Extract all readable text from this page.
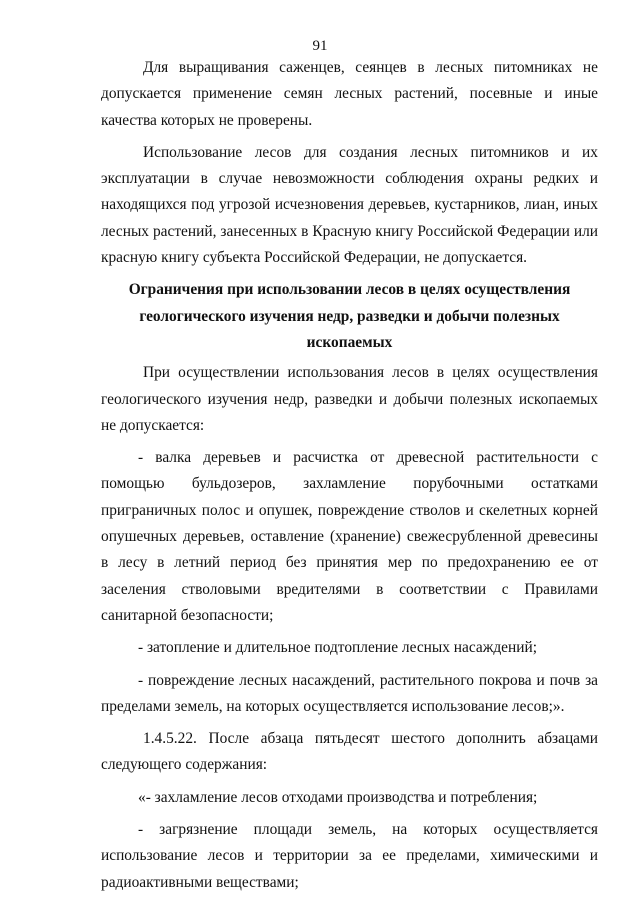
91

Для выращивания саженцев, сеянцев в лесных питомниках не допускается применение семян лесных растений, посевные и иные качества которых не проверены.

Использование лесов для создания лесных питомников и их эксплуатации в случае невозможности соблюдения охраны редких и находящихся под угрозой исчезновения деревьев, кустарников, лиан, иных лесных растений, занесенных в Красную книгу Российской Федерации или красную книгу субъекта Российской Федерации, не допускается.

Ограничения при использовании лесов в целях осуществления геологического изучения недр, разведки и добычи полезных ископаемых

При осуществлении использования лесов в целях осуществления геологического изучения недр, разведки и добычи полезных ископаемых не допускается:

- валка деревьев и расчистка от древесной растительности с помощью бульдозеров, захламление порубочными остатками приграничных полос и опушек, повреждение стволов и скелетных корней опушечных деревьев, оставление (хранение) свежесрубленной древесины в лесу в летний период без принятия мер по предохранению ее от заселения стволовыми вредителями в соответствии с Правилами санитарной безопасности;

- затопление и длительное подтопление лесных насаждений;

- повреждение лесных насаждений, растительного покрова и почв за пределами земель, на которых осуществляется использование лесов;».

1.4.5.22. После абзаца пятьдесят шестого дополнить абзацами следующего содержания:

«- захламление лесов отходами производства и потребления;

- загрязнение площади земель, на которых осуществляется использование лесов и территории за ее пределами, химическими и радиоактивными веществами;
